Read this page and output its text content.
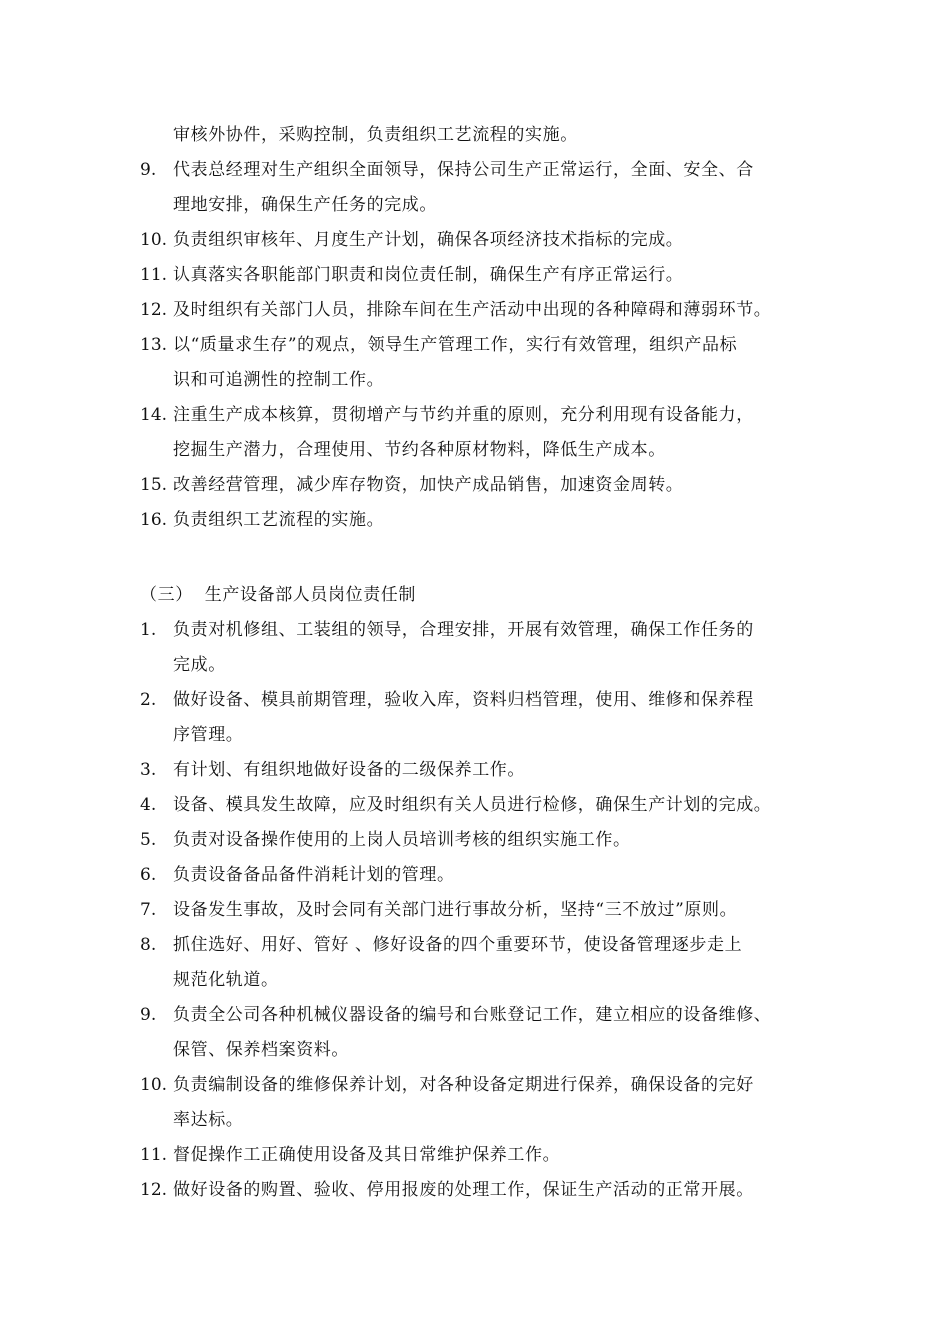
审核外协件，采购控制，负责组织工艺流程的实施。
9. 代表总经理对生产组织全面领导，保持公司生产正常运行，全面、安全、合
理地安排，确保生产任务的完成。
10. 负责组织审核年、月度生产计划，确保各项经济技术指标的完成。
11. 认真落实各职能部门职责和岗位责任制，确保生产有序正常运行。
12. 及时组织有关部门人员，排除车间在生产活动中出现的各种障碍和薄弱环节。
13. 以“质量求生存”的观点，领导生产管理工作，实行有效管理，组织产品标
识和可追溯性的控制工作。
14. 注重生产成本核算，贯彻增产与节约并重的原则，充分利用现有设备能力，
挖掘生产潜力，合理使用、节约各种原材物料，降低生产成本。
15. 改善经营管理，减少库存物资，加快产成品销售，加速资金周转。
16. 负责组织工艺流程的实施。
（三）  生产设备部人员岗位责任制
1. 负责对机修组、工装组的领导，合理安排，开展有效管理，确保工作任务的
完成。
2. 做好设备、模具前期管理，验收入库，资料归档管理，使用、维修和保养程
序管理。
3. 有计划、有组织地做好设备的二级保养工作。
4. 设备、模具发生故障，应及时组织有关人员进行检修，确保生产计划的完成。
5. 负责对设备操作使用的上岗人员培训考核的组织实施工作。
6. 负责设备备品备件消耗计划的管理。
7. 设备发生事故，及时会同有关部门进行事故分析，坚持“三不放过”原则。
8. 抓住选好、用好、管好 、修好设备的四个重要环节，使设备管理逐步走上
规范化轨道。
9. 负责全公司各种机械仪器设备的编号和台账登记工作，建立相应的设备维修、
保管、保养档案资料。
10. 负责编制设备的维修保养计划，对各种设备定期进行保养，确保设备的完好
率达标。
11. 督促操作工正确使用设备及其日常维护保养工作。
12. 做好设备的购置、验收、停用报废的处理工作，保证生产活动的正常开展。
